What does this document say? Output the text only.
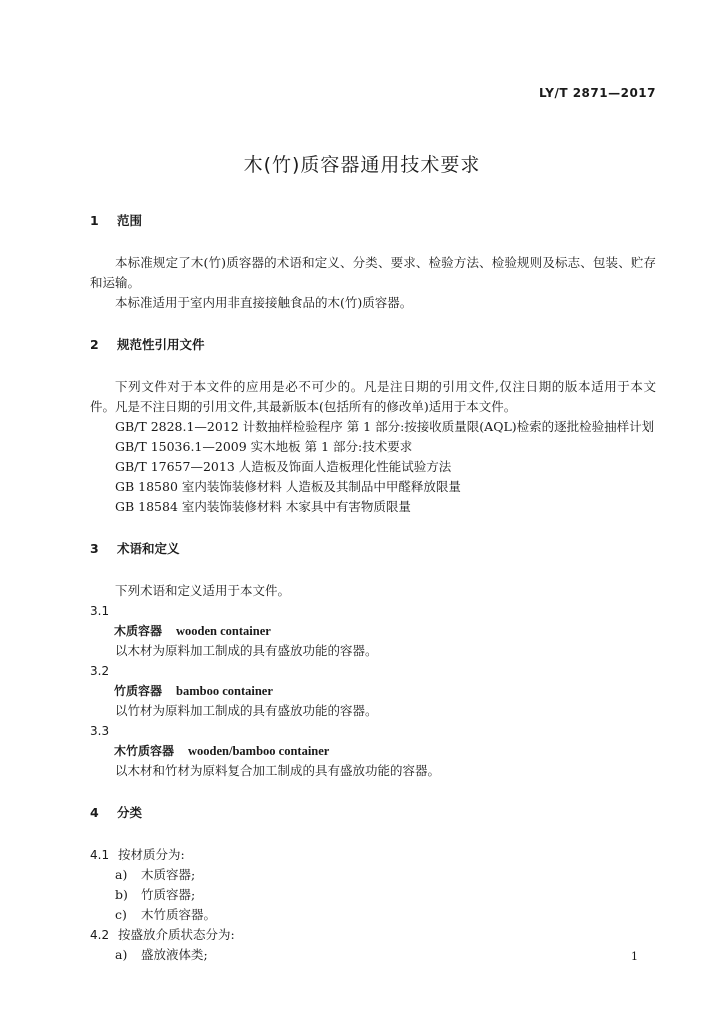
LY/T 2871—2017
木(竹)质容器通用技术要求
1	范围
本标准规定了木(竹)质容器的术语和定义、分类、要求、检验方法、检验规则及标志、包装、贮存和运输。
本标准适用于室内用非直接接触食品的木(竹)质容器。
2	规范性引用文件
下列文件对于本文件的应用是必不可少的。凡是注日期的引用文件,仅注日期的版本适用于本文件。凡是不注日期的引用文件,其最新版本(包括所有的修改单)适用于本文件。
GB/T 2828.1—2012 计数抽样检验程序 第 1 部分:按接收质量限(AQL)检索的逐批检验抽样计划
GB/T 15036.1—2009 实木地板 第 1 部分:技术要求
GB/T 17657—2013 人造板及饰面人造板理化性能试验方法
GB 18580 室内装饰装修材料 人造板及其制品中甲醛释放限量
GB 18584 室内装饰装修材料 木家具中有害物质限量
3	术语和定义
下列术语和定义适用于本文件。
3.1
木质容器 wooden container
以木材为原料加工制成的具有盛放功能的容器。
3.2
竹质容器 bamboo container
以竹材为原料加工制成的具有盛放功能的容器。
3.3
木竹质容器 wooden/bamboo container
以木材和竹材为原料复合加工制成的具有盛放功能的容器。
4	分类
4.1 按材质分为:
a)	木质容器;
b)	竹质容器;
c)	木竹质容器。
4.2 按盛放介质状态分为:
a)	盛放液体类;	1
